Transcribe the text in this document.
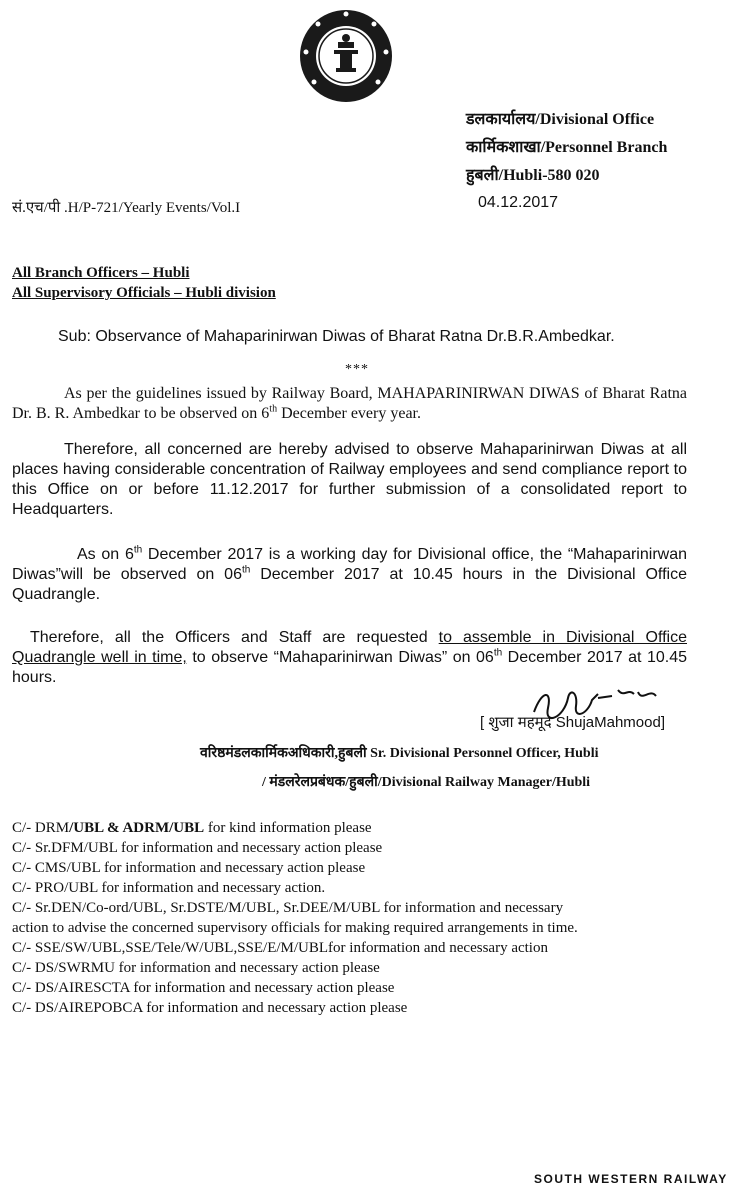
डलकार्यालय/Divisional Office
कार्मिकशाखा/Personnel Branch
हुबली/Hubli-580 020
सं.एच/पी .H/P-721/Yearly Events/Vol.I	04.12.2017
All Branch Officers – Hubli
All Supervisory Officials – Hubli division
Sub: Observance of Mahaparinirwan Diwas of Bharat Ratna Dr.B.R.Ambedkar.
***

As per the guidelines issued by Railway Board, MAHAPARINIRWAN DIWAS of Bharat Ratna Dr. B. R. Ambedkar to be observed on 6th December every year.

Therefore, all concerned are hereby advised to observe Mahaparinirwan Diwas at all places having considerable concentration of Railway employees and send compliance report to this Office on or before 11.12.2017 for further submission of a consolidated report to Headquarters.

As on 6th December 2017 is a working day for Divisional office, the “Mahaparinirwan Diwas”will be observed on 06th December 2017 at 10.45 hours in the Divisional Office Quadrangle.

Therefore, all the Officers and Staff are requested to assemble in Divisional Office Quadrangle well in time, to observe “Mahaparinirwan Diwas” on 06th December 2017 at 10.45 hours.

[ शुजा महमूद ShujaMahmood]
वरिष्ठमंडलकार्मिकअधिकारी,हुबली Sr. Divisional Personnel Officer, Hubli
/ मंडलरेलप्रबंधक/हुबली/Divisional Railway Manager/Hubli
C/- DRM/UBL & ADRM/UBL for kind information please
C/- Sr.DFM/UBL for information and necessary action please
C/- CMS/UBL for information and necessary action please
C/- PRO/UBL for information and necessary action.
C/- Sr.DEN/Co-ord/UBL, Sr.DSTE/M/UBL, Sr.DEE/M/UBL for information and necessary
action to advise the concerned supervisory officials for making required arrangements in time.
C/- SSE/SW/UBL,SSE/Tele/W/UBL,SSE/E/M/UBLfor information and necessary action
C/- DS/SWRMU for information and necessary action please
C/- DS/AIRESCTA for information and necessary action please
C/- DS/AIREPOBCA for information and necessary action please
SOUTH WESTERN RAILWAY
